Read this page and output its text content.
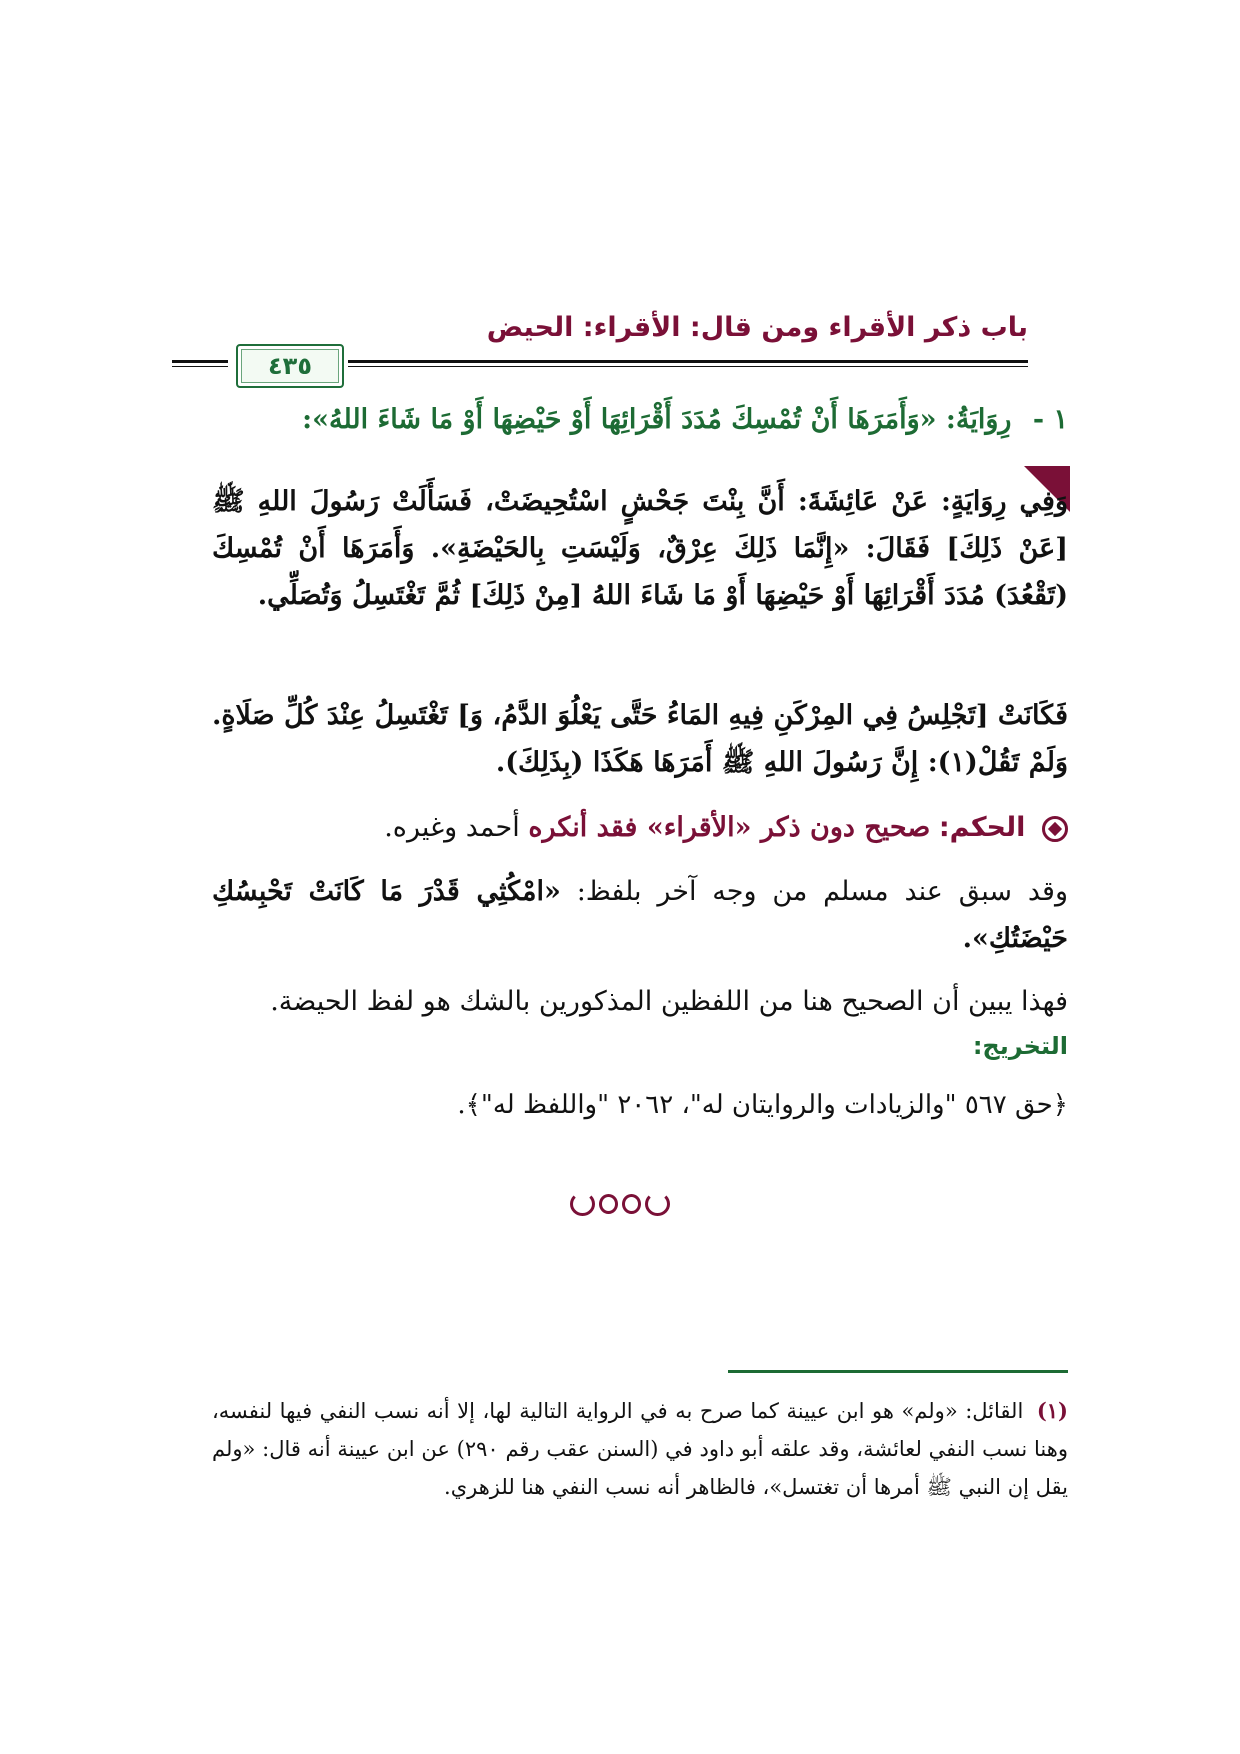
باب ذكر الأقراء ومن قال: الأقراء: الحيض
٤٣٥
١ - رِوَايَةُ: «وَأَمَرَهَا أَنْ تُمْسِكَ مُدَدَ أَقْرَائِهَا أَوْ حَيْضِهَا أَوْ مَا شَاءَ اللهُ»:
وَفِي رِوَايَةٍ: عَنْ عَائِشَةَ: أَنَّ بِنْتَ جَحْشٍ اسْتُحِيضَتْ، فَسَأَلَتْ رَسُولَ اللهِ ﷺ [عَنْ ذَلِكَ] فَقَالَ: «إِنَّمَا ذَلِكَ عِرْقٌ، وَلَيْسَتِ بِالحَيْضَةِ». وَأَمَرَهَا أَنْ تُمْسِكَ (تَقْعُدَ) مُدَدَ أَقْرَائِهَا أَوْ حَيْضِهَا أَوْ مَا شَاءَ اللهُ [مِنْ ذَلِكَ] ثُمَّ تَغْتَسِلُ وَتُصَلِّي.
فَكَانَتْ [تَجْلِسُ فِي المِرْكَنِ فِيهِ المَاءُ حَتَّى يَعْلُوَ الدَّمُ، وَ] تَغْتَسِلُ عِنْدَ كُلِّ صَلَاةٍ. وَلَمْ تَقُلْ(١): إِنَّ رَسُولَ اللهِ ﷺ أَمَرَهَا هَكَذَا (بِذَلِكَ).
الحكم: صحيح دون ذكر «الأقراء» فقد أنكره أحمد وغيره.
وقد سبق عند مسلم من وجه آخر بلفظ: «امْكُثِي قَدْرَ مَا كَانَتْ تَحْبِسُكِ حَيْضَتُكِ».
فهذا يبين أن الصحيح هنا من اللفظين المذكورين بالشك هو لفظ الحيضة.
التخريج:
﴿حق ٥٦٧ "والزيادات والروايتان له"، ٢٠٦٢ "واللفظ له"﴾.
(١) القائل: «ولم» هو ابن عيينة كما صرح به في الرواية التالية لها، إلا أنه نسب النفي فيها لنفسه، وهنا نسب النفي لعائشة، وقد علقه أبو داود في (السنن عقب رقم ٢٩٠) عن ابن عيينة أنه قال: «ولم يقل إن النبي ﷺ أمرها أن تغتسل»، فالظاهر أنه نسب النفي هنا للزهري.
